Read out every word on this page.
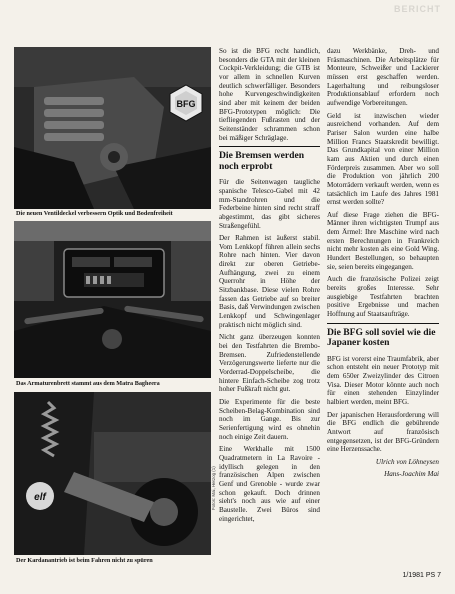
BERICHT
BFG
Die neuen Ventildeckel verbessern Optik und Bodenfreiheit
Das Armaturenbrett stammt aus dem Matra Bagheera
elf
Der Kardanantrieb ist beim Fahren nicht zu spüren
Fotos: Mai, Herzog (1)

So ist die BFG recht handlich, besonders die GTA mit der kleinen Cockpit-Verkleidung; die GTB ist vor allem in schnellen Kurven deutlich schwerfälliger. Besonders hohe Kurvengeschwindigkeiten sind aber mit keinem der beiden BFG-Prototypen möglich: Die tiefliegenden Fußrasten und der Seitenständer schrammen schon bei mäßiger Schräglage.

Die Bremsen werden noch erprobt

Für die Seitenwagen taugliche spanische Telesco-Gabel mit 42 mm-Standrohren und die Federbeine hinten sind recht straff abgestimmt, das gibt sicheres Straßengefühl.

Der Rahmen ist äußerst stabil. Vom Lenkkopf führen allein sechs Rohre nach hinten. Vier davon direkt zur oberen Getriebe-Aufhängung, zwei zu einem Querrohr in Höhe der Sitzbankbase. Diese vielen Rohre fassen das Getriebe auf so breiter Basis, daß Verwindungen zwischen Lenkkopf und Schwingenlager praktisch nicht möglich sind.

Nicht ganz überzeugen konnten bei den Testfahrten die Brembo-Bremsen. Zufriedenstellende Verzögerungswerte lieferte nur die Vorderrad-Doppelscheibe, die hintere Einfach-Scheibe zog trotz hoher Fußkraft nicht gut.

Die Experimente für die beste Scheiben-Belag-Kombination sind noch im Gange. Bis zur Serienfertigung wird es ohnehin noch einige Zeit dauern.

Eine Werkhalle mit 1500 Quadratmetern in La Ravoire - idyllisch gelegen in den französischen Alpen zwischen Genf und Grenoble - wurde zwar schon gekauft. Doch drinnen sieht's noch aus wie auf einer Baustelle. Zwei Büros sind eingerichtet,

dazu Werkbänke, Dreh- und Fräsmaschinen. Die Arbeitsplätze für Monteure, Schweißer und Lackierer müssen erst geschaffen werden. Lagerhaltung und reibungsloser Produktionsablauf erfordern noch aufwendige Vorbereitungen.

Geld ist inzwischen wieder ausreichend vorhanden. Auf dem Pariser Salon wurden eine halbe Million Francs Staatskredit bewilligt. Das Grundkapital von einer Million kam aus Aktien und durch einen Förderpreis zusammen. Aber wo soll die Produktion von jährlich 200 Motorrädern verkauft werden, wenn es tatsächlich im Laufe des Jahres 1981 ernst werden sollte?

Auf diese Frage ziehen die BFG-Männer ihren wichtigsten Trumpf aus dem Ärmel: Ihre Maschine wird nach ersten Berechnungen in Frankreich nicht mehr kosten als eine Gold Wing. Hundert Bestellungen, so behaupten sie, seien bereits eingegangen.

Auch die französische Polizei zeigt bereits großes Interesse. Sehr ausgiebige Testfahrten brachten positive Ergebnisse und machen Hoffnung auf Staatsaufträge.

Die BFG soll soviel wie die Japaner kosten

BFG ist vorerst eine Traumfabrik, aber schon entsteht ein neuer Prototyp mit dem 650er Zweizylinder des Citroen Visa. Dieser Motor könnte auch noch für einen stehenden Einzylinder halbiert werden, meint BFG.

Der japanischen Herausforderung will die BFG endlich die gebührende Antwort auf französisch entgegensetzen, ist der BFG-Gründern eine Herzenssache.

Ulrich von Löhneysen

Hans-Joachim Mai

1/1981 PS 7
